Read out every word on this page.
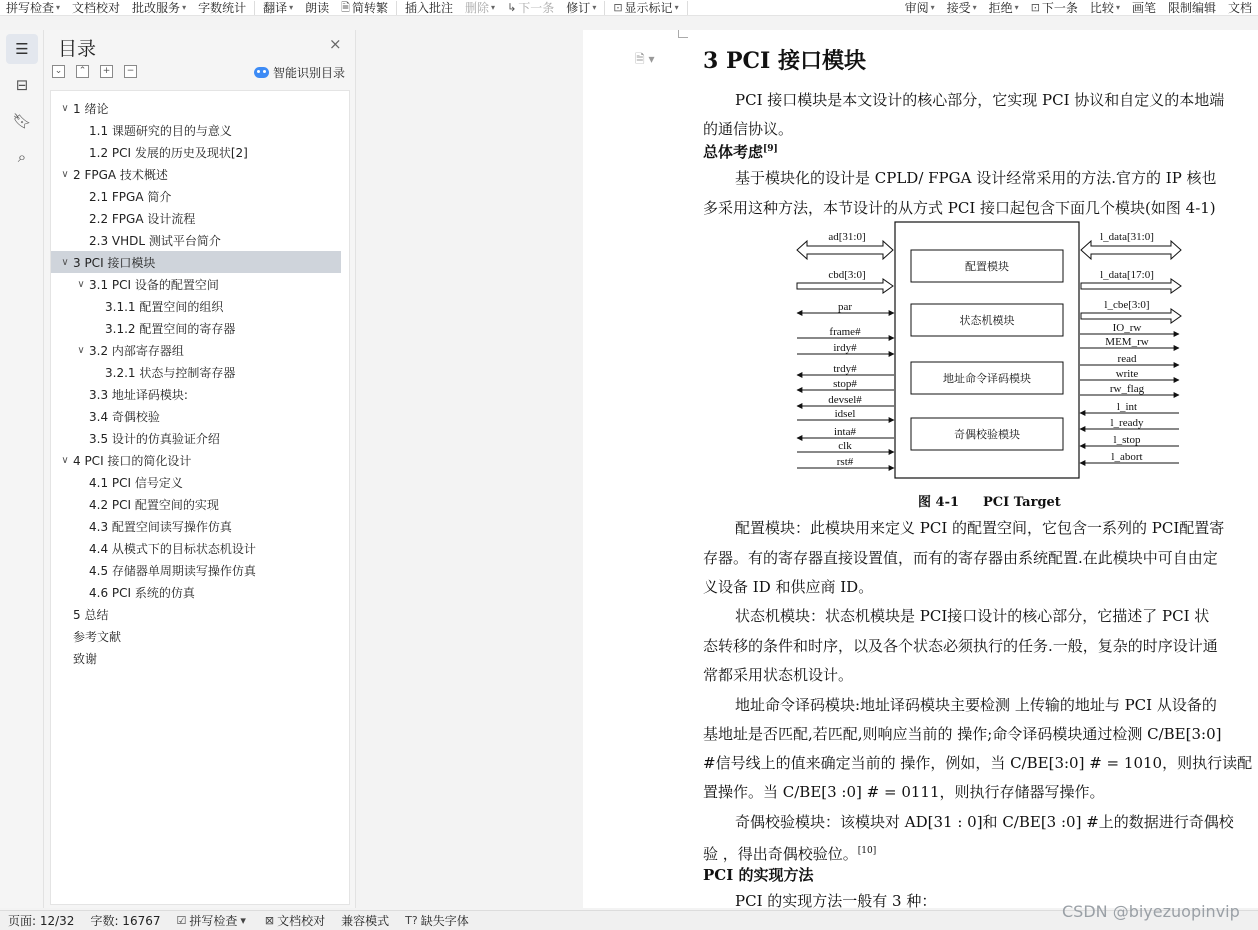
拼写检查 ▾ 文档校对 批改服务 ▾ 字数统计 翻译 ▾ 朗读 🗎 简转繁 插入批注 删除 ▾ ↳ 下一条 修订 ▾ ⊡ 显示标记 ▾	审阅 ▾ 接受 ▾ 拒绝 ▾ ⊡ 下一条 比较 ▾ 画笔 限制编辑 文档
☰
⊟
🔖︎
⌕
目录	×
⌄	⌃	+	−	智能识别目录
∨ 1 绪论
1.1 课题研究的目的与意义
1.2 PCI 发展的历史及现状[2]
∨ 2 FPGA 技术概述
2.1 FPGA 简介
2.2 FPGA 设计流程
2.3 VHDL 测试平台简介
∨ 3 PCI 接口模块
∨ 3.1 PCI 设备的配置空间
3.1.1 配置空间的组织
3.1.2 配置空间的寄存器
∨ 3.2 内部寄存器组
3.2.1 状态与控制寄存器
3.3 地址译码模块:
3.4 奇偶校验
3.5 设计的仿真验证介绍
∨ 4 PCI 接口的简化设计
4.1 PCI 信号定义
4.2 PCI 配置空间的实现
4.3 配置空间读写操作仿真
4.4 从模式下的目标状态机设计
4.5 存储器单周期读写操作仿真
4.6 PCI 系统的仿真
5 总结
参考文献
致谢
🗎︎ ▾ 3 PCI 接口模块
PCI 接口模块是本文设计的核心部分，它实现 PCI 协议和自定义的本地端
的通信协议。
总体考虑[9]
基于模块化的设计是 CPLD/ FPGA 设计经常采用的方法.官方的 IP 核也
多采用这种方法，本节设计的从方式 PCI 接口起包含下面几个模块(如图 4-1)
配置模块
状态机模块
地址命令译码模块
奇偶校验模块
ad[31:0]
cbd[3:0]
par
frame#
irdy#
trdy#
stop#
devsel#
idsel
inta#
clk
rst#
l_data[31:0]
l_data[17:0]
l_cbe[3:0]
IO_rw
MEM_rw
read
write
rw_flag
l_int
l_ready
l_stop
l_abort
图 4-1 PCI Target
配置模块：此模块用来定义 PCI 的配置空间，它包含一系列的 PCI配置寄
存器。有的寄存器直接设置值，而有的寄存器由系统配置.在此模块中可自由定
义设备 ID 和供应商 ID。
状态机模块：状态机模块是 PCI接口设计的核心部分，它描述了 PCI 状
态转移的条件和时序，以及各个状态必须执行的任务.一般，复杂的时序设计通
常都采用状态机设计。
地址命令译码模块:地址译码模块主要检测 上传输的地址与 PCI 从设备的
基地址是否匹配,若匹配,则响应当前的 操作;命令译码模块通过检测 C/BE[3:0]
#信号线上的值来确定当前的 操作，例如，当 C/BE[3:0] # = 1010，则执行读配
置操作。当 C/BE[3 :0] # = 0111，则执行存储器写操作。
奇偶校验模块：该模块对 AD[31 : 0]和 C/BE[3 :0] #上的数据进行奇偶校
验 ，得出奇偶校验位。[10]
PCI 的实现方法
PCI 的实现方法一般有 3 种：
页面: 12/32	字数: 16767	☑ 拼写检查 ▾ ⊠ 文档校对	兼容模式	T? 缺失字体	CSDN @biyezuopinvip
